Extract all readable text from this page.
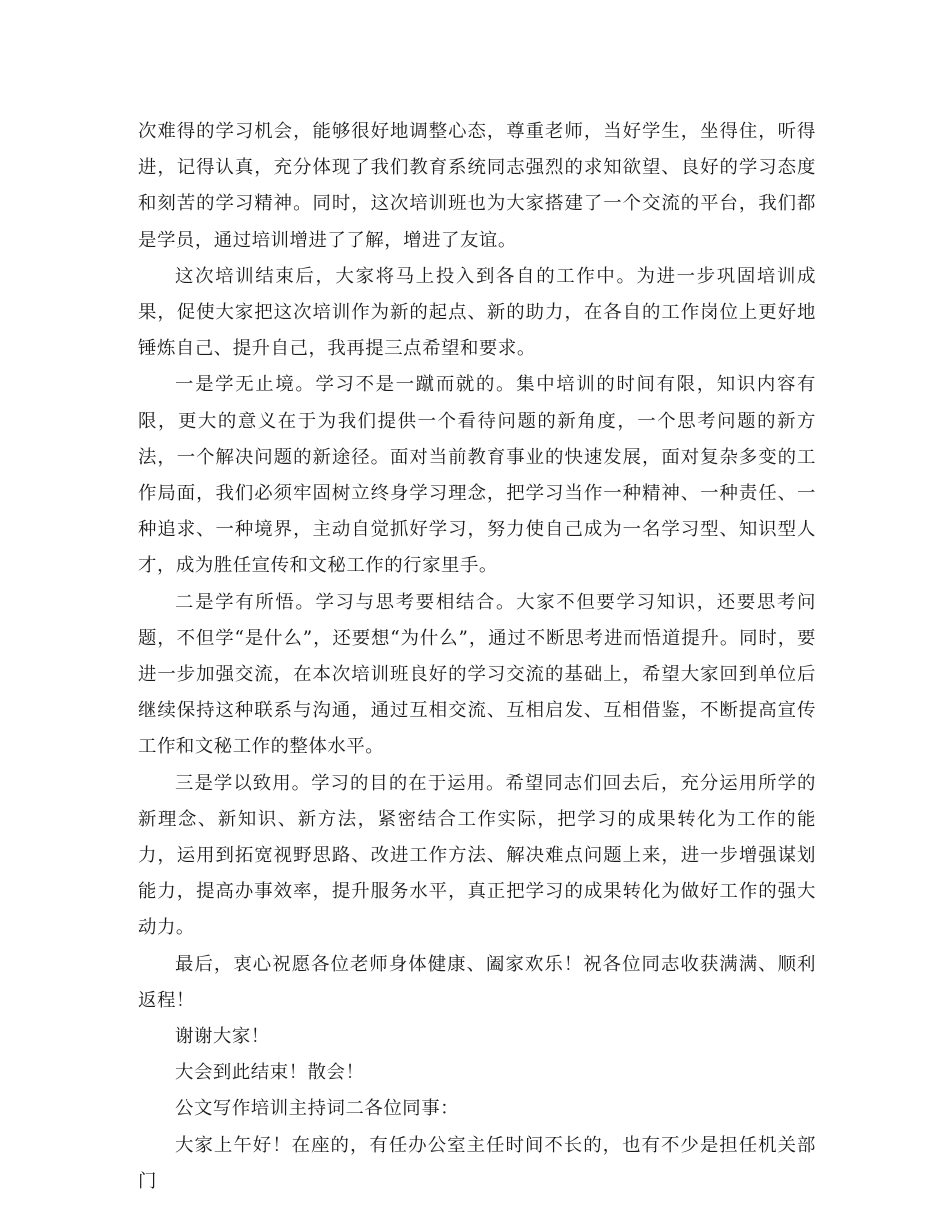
次难得的学习机会，能够很好地调整心态，尊重老师，当好学生，坐得住，听得进，记得认真，充分体现了我们教育系统同志强烈的求知欲望、良好的学习态度和刻苦的学习精神。同时，这次培训班也为大家搭建了一个交流的平台，我们都是学员，通过培训增进了了解，增进了友谊。

这次培训结束后，大家将马上投入到各自的工作中。为进一步巩固培训成果，促使大家把这次培训作为新的起点、新的助力，在各自的工作岗位上更好地锤炼自己、提升自己，我再提三点希望和要求。

一是学无止境。学习不是一蹴而就的。集中培训的时间有限，知识内容有限，更大的意义在于为我们提供一个看待问题的新角度，一个思考问题的新方法，一个解决问题的新途径。面对当前教育事业的快速发展，面对复杂多变的工作局面，我们必须牢固树立终身学习理念，把学习当作一种精神、一种责任、一种追求、一种境界，主动自觉抓好学习，努力使自己成为一名学习型、知识型人才，成为胜任宣传和文秘工作的行家里手。

二是学有所悟。学习与思考要相结合。大家不但要学习知识，还要思考问题，不但学“是什么”，还要想“为什么”，通过不断思考进而悟道提升。同时，要进一步加强交流，在本次培训班良好的学习交流的基础上，希望大家回到单位后继续保持这种联系与沟通，通过互相交流、互相启发、互相借鉴，不断提高宣传工作和文秘工作的整体水平。

三是学以致用。学习的目的在于运用。希望同志们回去后，充分运用所学的新理念、新知识、新方法，紧密结合工作实际，把学习的成果转化为工作的能力，运用到拓宽视野思路、改进工作方法、解决难点问题上来，进一步增强谋划能力，提高办事效率，提升服务水平，真正把学习的成果转化为做好工作的强大动力。

最后，衷心祝愿各位老师身体健康、阖家欢乐！祝各位同志收获满满、顺利返程！

谢谢大家！

大会到此结束！散会！

公文写作培训主持词二各位同事：

大家上午好！在座的，有任办公室主任时间不长的，也有不少是担任机关部门
